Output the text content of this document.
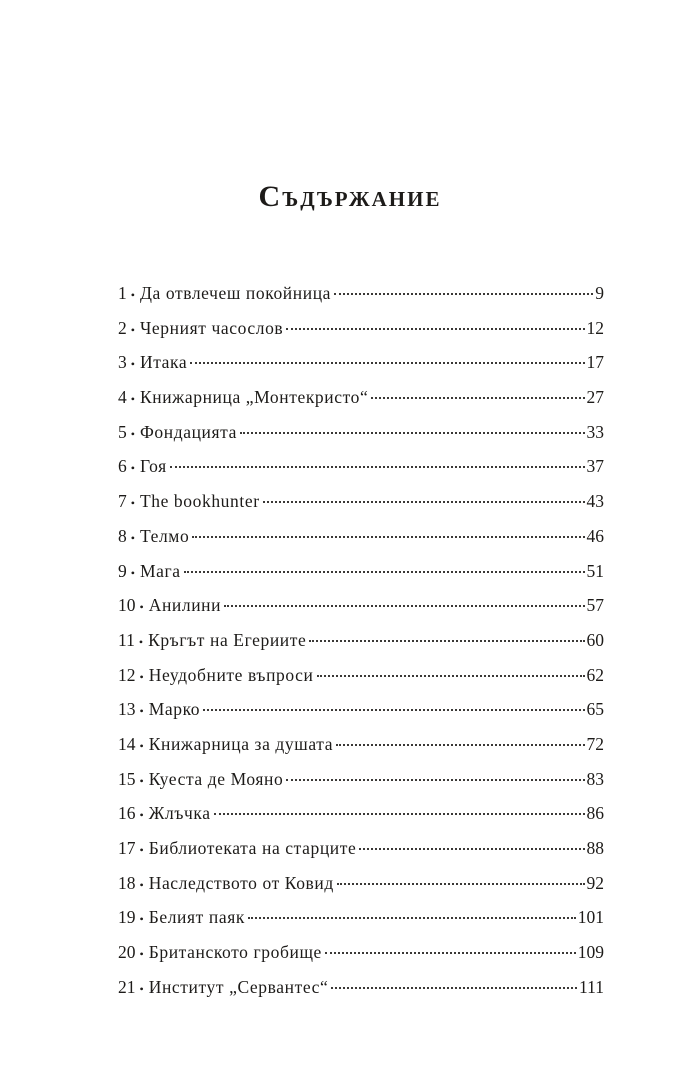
Съдържание
1 • Да отвлечеш покойница	9
2 • Черният часослов	12
3 • Итака	17
4 • Книжарница „Монтекристо“	27
5 • Фондацията	33
6 • Гоя	37
7 • The bookhunter	43
8 • Телмо	46
9 • Мага	51
10 • Анилини	57
11 • Кръгът на Егериите	60
12 • Неудобните въпроси	62
13 • Марко	65
14 • Книжарница за душата	72
15 • Куеста де Мояно	83
16 • Жлъчка	86
17 • Библиотеката на старците	88
18 • Наследството от Ковид	92
19 • Белият паяк	101
20 • Британското гробище	109
21 • Институт „Сервантес“	111
